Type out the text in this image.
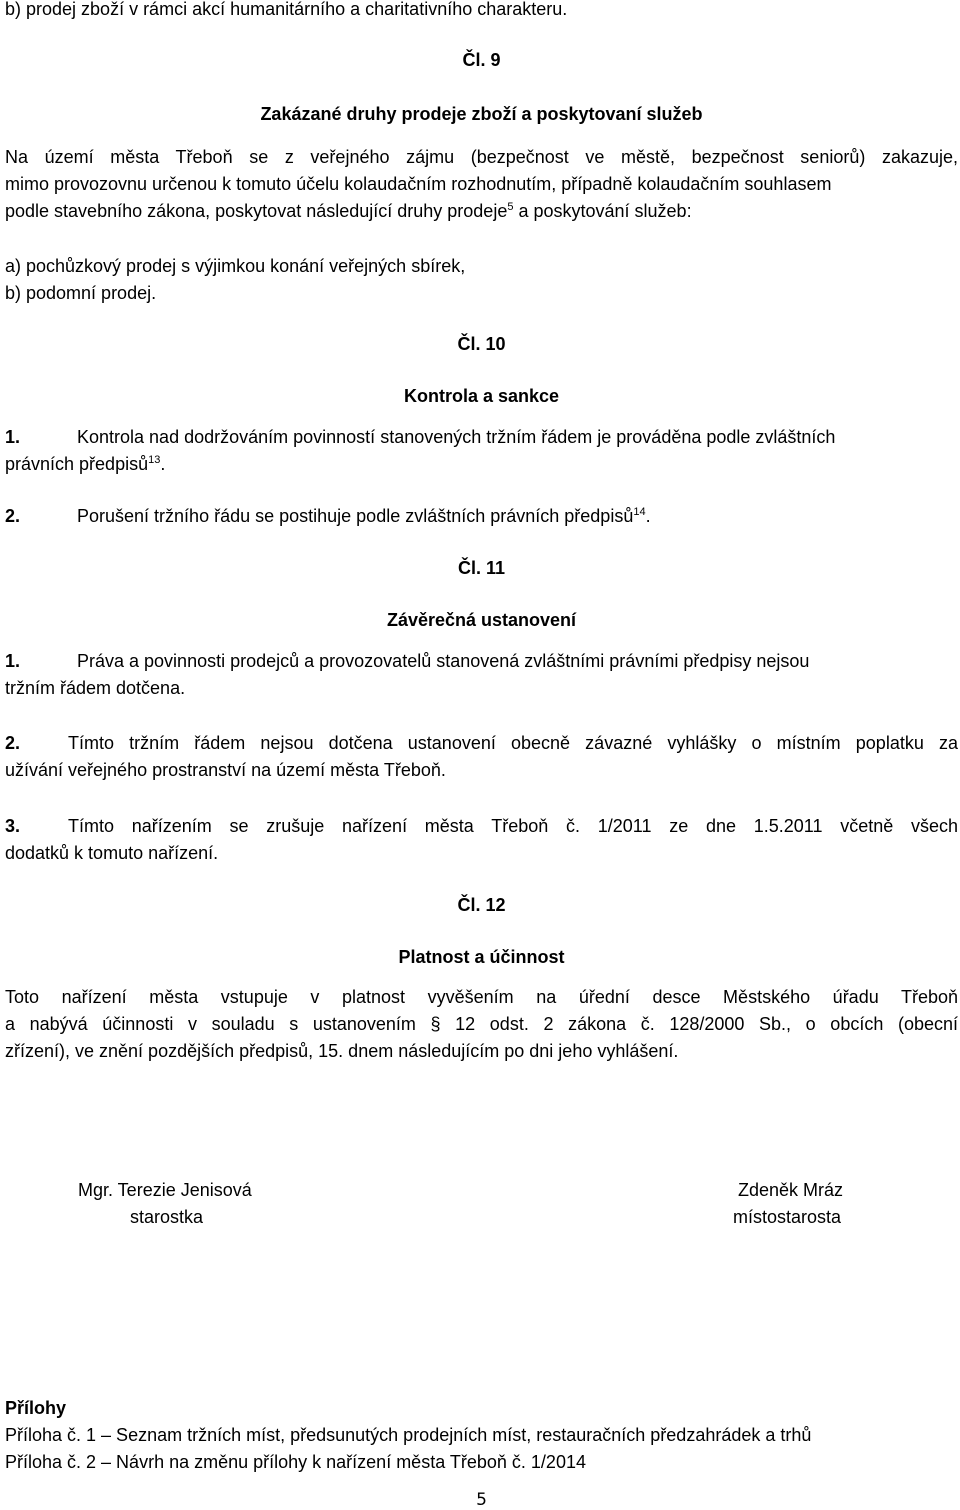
b) prodej zboží v rámci akcí humanitárního a charitativního charakteru.
Čl. 9
Zakázané druhy prodeje zboží a poskytovaní služeb
Na území města Třeboň se z veřejného zájmu (bezpečnost ve městě, bezpečnost seniorů) zakazuje,
mimo provozovnu určenou k tomuto účelu kolaudačním rozhodnutím, případně kolaudačním souhlasem
podle stavebního zákona, poskytovat následující druhy prodeje$^5$ a poskytování služeb:
a) pochůzkový prodej s výjimkou konání veřejných sbírek,
b) podomní prodej.
Čl. 10
Kontrola a sankce
1.	Kontrola nad dodržováním povinností stanovených tržním řádem je prováděna podle zvláštních
právních předpisů$^{13}$.
2.	Porušení tržního řádu se postihuje podle zvláštních právních předpisů$^{14}$.
Čl. 11
Závěrečná ustanovení
1.	Práva a povinnosti prodejců a provozovatelů stanovená zvláštními právními předpisy nejsou
tržním řádem dotčena.
2.	Tímto tržním řádem nejsou dotčena ustanovení obecně závazné vyhlášky o místním poplatku za
užívání veřejného prostranství na území města Třeboň.
3.	Tímto nařízením se zrušuje nařízení města Třeboň č. 1/2011 ze dne 1.5.2011 včetně všech
dodatků k tomuto nařízení.
Čl. 12
Platnost a účinnost
Toto nařízení města vstupuje v platnost vyvěšením na úřední desce Městského úřadu Třeboň
a nabývá účinnosti v souladu s ustanovením § 12 odst. 2 zákona č. 128/2000 Sb., o obcích (obecní
zřízení), ve znění pozdějších předpisů, 15. dnem následujícím po dni jeho vyhlášení.
Mgr. Terezie Jenisová
starostka
Zdeněk Mráz
místostarosta
Přílohy
Příloha č. 1 – Seznam tržních míst, předsunutých prodejních míst, restauračních předzahrádek a trhů
Příloha č. 2 – Návrh na změnu přílohy k nařízení města Třeboň č. 1/2014
5
